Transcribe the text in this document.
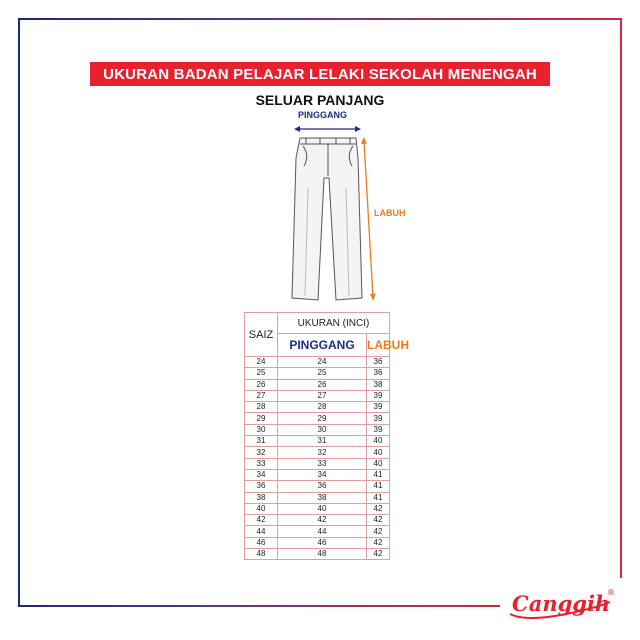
UKURAN BADAN PELAJAR LELAKI SEKOLAH MENENGAH
SELUAR PANJANG
PINGGANG
LABUH
SAIZ	UKURAN (INCI)	
	PINGGANG	LABUH
24	24	36
25	25	36
26	26	38
27	27	39
28	28	39
29	29	39
30	30	39
31	31	40
32	32	40
33	33	40
34	34	41
36	36	41
38	38	41
40	40	42
42	42	42
44	44	42
46	46	42
48	48	42
Canggih
®
